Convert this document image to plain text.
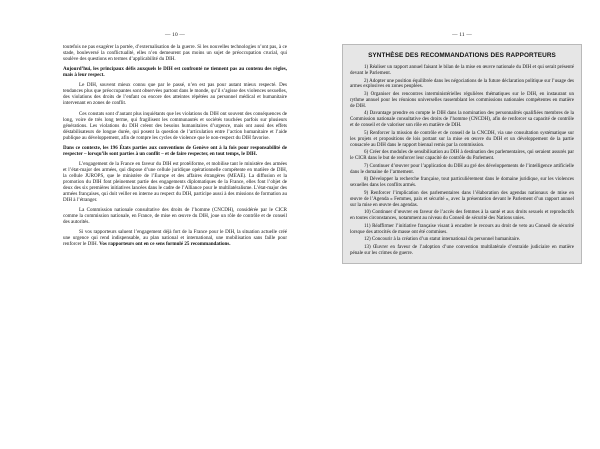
— 10 —

toutefois ne pas exagérer la portée, d’externalisation de la guerre. Si les nouvelles technologies n’ont pas, à ce stade, bouleversé la conflictualité, elles n’en demeurent pas moins un sujet de préoccupation crucial, qui soulève des questions en termes d’applicabilité du DIH.

Aujourd’hui, les principaux défis auxquels le DIH est confronté ne tiennent pas au contenu des règles, mais à leur respect.

Le DIH, souvent mieux connu que par le passé, n’en est pas pour autant mieux respecté. Des tendances plus que préoccupantes sont observées partout dans le monde, qu’il s’agisse des violences sexuelles, des violations des droits de l’enfant ou encore des atteintes répétées au personnel médical et humanitaire intervenant en zones de conflit.

Ces constats sont d’autant plus inquiétants que les violations du DIH ont souvent des conséquences de long, voire de très long terme, qui fragilisent les communautés et sociétés touchées parfois sur plusieurs générations. Les violations du DIH créent des besoins humanitaires d’urgence, mais ont aussi des effets déstabilisateurs de longue durée, qui posent la question de l’articulation entre l’action humanitaire et l’aide publique au développement, afin de rompre les cycles de violence que le non-respect du DIH favorise.

Dans ce contexte, les 196 États parties aux conventions de Genève ont à la fois pour responsabilité de respecter – lorsqu’ils sont parties à un conflit – et de faire respecter, en tout temps, le DIH.

L’engagement de la France en faveur du DIH est protéiforme, et mobilise tant le ministère des armées et l’état-major des armées, qui dispose d’une cellule juridique opérationnelle compétente en matière de DIH, la cellule JUROPS, que le ministère de l’Europe et des affaires étrangères (MEAE). La diffusion et la promotion du DIH font pleinement partie des engagements diplomatiques de la France, elles font l’objet de deux des six premières initiatives lancées dans le cadre de l’Alliance pour le multilatéralisme. L’état-major des armées françaises, qui doit veiller en interne au respect du DIH, participe aussi à des missions de formation au DIH à l’étranger.

La Commission nationale consultative des droits de l’homme (CNCDH), considérée par le CICR comme la commission nationale, en France, de mise en œuvre du DIH, joue un rôle de contrôle et de conseil des autorités.

Si vos rapporteurs saluent l’engagement déjà fort de la France pour le DIH, la situation actuelle créé une urgence qui rend indispensable, au plan national et international, une mobilisation sans faille pour renforcer le DIH. Vos rapporteurs ont en ce sens formulé 25 recommandations.

— 11 —
SYNTHÈSE DES RECOMMANDATIONS DES RAPPORTEURS

1) Réaliser un rapport annuel faisant le bilan de la mise en œuvre nationale du DIH et qui serait présenté devant le Parlement.

2) Adopter une position équilibrée dans les négociations de la future déclaration politique sur l’usage des armes explosives en zones peuplées.

3) Organiser des rencontres interministérielles régulières thématiques sur le DIH, en instaurant un rythme annuel pour les réunions universelles rassemblant les commissions nationales compétentes en matière de DIH.

4) Davantage prendre en compte le DIH dans la nomination des personnalités qualifiées membres de la Commission nationale consultative des droits de l’homme (CNCDH), afin de renforcer sa capacité de contrôle et de conseil et de valoriser son rôle en matière de DIH.

5) Renforcer la mission de contrôle et de conseil de la CNCDH, via une consultation systématique sur les projets et propositions de lois portant sur la mise en œuvre du DIH et un développement de la partie consacrée au DIH dans le rapport biennal remis par la commission.

6) Créer des modules de sensibilisation au DIH à destination des parlementaires, qui seraient assurés par le CICR dans le but de renforcer leur capacité de contrôle du Parlement.

7) Continuer d’œuvrer pour l’application du DIH au gré des développements de l’intelligence artificielle dans le domaine de l’armement.

8) Développer la recherche française, tout particulièrement dans le domaine juridique, sur les violences sexuelles dans les conflits armés.

9) Renforcer l’implication des parlementaires dans l’élaboration des agendas nationaux de mise en œuvre de l’Agenda « Femmes, paix et sécurité », avec la présentation devant le Parlement d’un rapport annuel sur la mise en œuvre des agendas.

10) Continuer d’œuvrer en faveur de l’accès des femmes à la santé et aux droits sexuels et reproductifs en toutes circonstances, notamment au niveau du Conseil de sécurité des Nations unies.

11) Réaffirmer l’initiative française visant à encadrer le recours au droit de veto au Conseil de sécurité lorsque des atrocités de masse ont été commises.

12) Concourir à la création d’un statut international du personnel humanitaire.

13) Œuvrer en faveur de l’adoption d’une convention multilatérale d’entraide judiciaire en matière pénale sur les crimes de guerre.
